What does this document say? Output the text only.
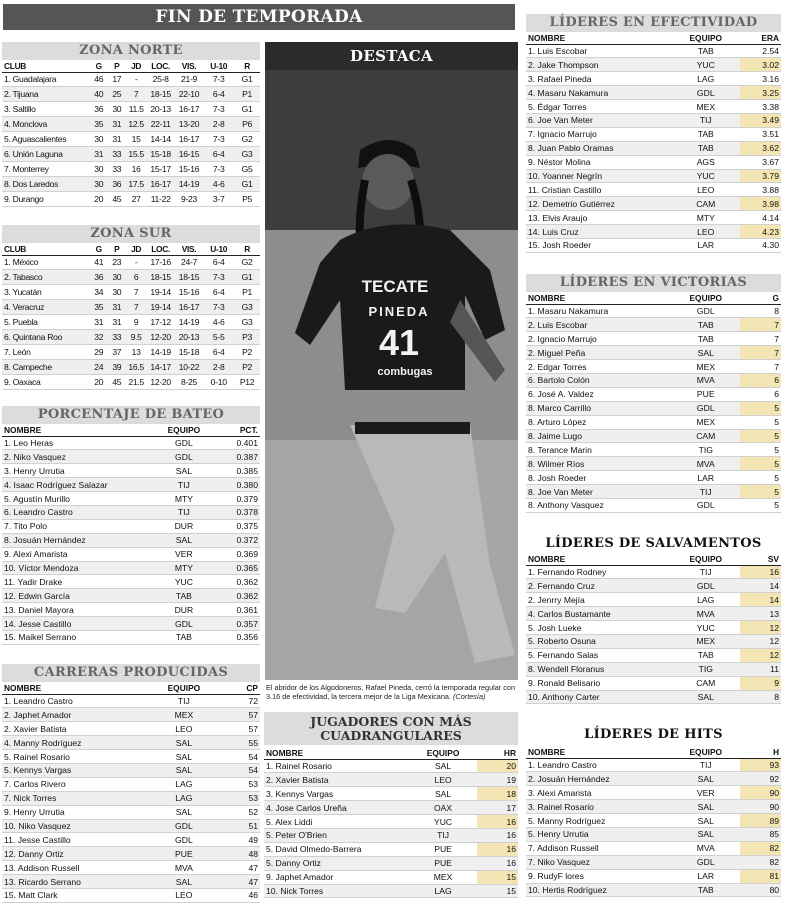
FIN DE TEMPORADA
ZONA NORTE
CLUB	G	P	JD	LOC.	VIS.	U-10	R
1. Guadalajara	46	17	-	25-8	21-9	7-3	G1
2. Tijuana	40	25	7	18-15	22-10	6-4	P1
3. Saltillo	36	30	11.5	20-13	16-17	7-3	G1
4. Monclova	35	31	12.5	22-11	13-20	2-8	P6
5. Aguascalientes	30	31	15	14-14	16-17	7-3	G2
6. Unión Laguna	31	33	15.5	15-18	16-15	6-4	G3
7. Monterrey	30	33	16	15-17	15-16	7-3	G5
8. Dos Laredos	30	36	17.5	16-17	14-19	4-6	G1
9. Durango	20	45	27	11-22	9-23	3-7	P5
ZONA SUR
CLUB	G	P	JD	LOC.	VIS.	U-10	R
1. México	41	23	-	17-16	24-7	6-4	G2
2. Tabasco	36	30	6	18-15	18-15	7-3	G1
3. Yucatán	34	30	7	19-14	15-16	6-4	P1
4. Veracruz	35	31	7	19-14	16-17	7-3	G3
5. Puebla	31	31	9	17-12	14-19	4-6	G3
6. Quintana Roo	32	33	9.5	12-20	20-13	5-5	P3
7. León	29	37	13	14-19	15-18	6-4	P2
8. Campeche	24	39	16.5	14-17	10-22	2-8	P2
9. Oaxaca	20	45	21.5	12-20	8-25	0-10	P12
PORCENTAJE DE BATEO
NOMBRE	EQUIPO	PCT.
1. Leo Heras	GDL	0.401
2. Niko Vasquez	GDL	0.387
3. Henry Urrutia	SAL	0.385
4. Isaac Rodríguez Salazar	TIJ	0.380
5. Agustín Murillo	MTY	0.379
6. Leandro Castro	TIJ	0.378
7. Tito Polo	DUR	0.375
8. Josuán Hernández	SAL	0.372
9. Alexi Amarista	VER	0.369
10. Víctor Mendoza	MTY	0.365
11. Yadir Drake	YUC	0.362
12. Edwin García	TAB	0.362
13. Daniel Mayora	DUR	0.361
14. Jesse Castillo	GDL	0.357
15. Maikel Serrano	TAB	0.356
CARRERAS PRODUCIDAS
NOMBRE	EQUIPO	CP
1. Leandro Castro	TIJ	72
2. Japhet Amador	MEX	57
2. Xavier Batista	LEO	57
4. Manny Rodríguez	SAL	55
5. Rainel Rosario	SAL	54
5. Kennys Vargas	SAL	54
7. Carlos Rivero	LAG	53
7. Nick Torres	LAG	53
9. Henry Urrutia	SAL	52
10. Niko Vasquez	GDL	51
11. Jesse Castillo	GDL	49
12. Danny Ortiz	PUE	48
13. Addison Russell	MVA	47
13. Ricardo Serrano	SAL	47
15. Matt Clark	LEO	46
DESTACA
TECATE
PINEDA
41
combugas
El abridor de los Algodoneros, Rafael Pineda, cerró la temporada regular con 3.16 de efectividad, la tercera mejor de la Liga Mexicana. (Cortesía)
JUGADORES CON MÁS
CUADRANGULARES
NOMBRE	EQUIPO	HR
1. Rainel Rosario	SAL	20
2. Xavier Batista	LEO	19
3. Kennys Vargas	SAL	18
4. Jose Carlos Ureña	OAX	17
5. Alex Liddi	YUC	16
5. Peter O'Brien	TIJ	16
5. David Olmedo-Barrera	PUE	16
5. Danny Ortiz	PUE	16
9. Japhet Amador	MEX	15
10. Nick Torres	LAG	15
LÍDERES EN EFECTIVIDAD
NOMBRE	EQUIPO	ERA
1. Luis Escobar	TAB	2.54
2. Jake Thompson	YUC	3.02
3. Rafael Pineda	LAG	3.16
4. Masaru Nakamura	GDL	3.25
5. Édgar Torres	MEX	3.38
6. Joe Van Meter	TIJ	3.49
7. Ignacio Marrujo	TAB	3.51
8. Juan Pablo Oramas	TAB	3.62
9. Néstor Molina	AGS	3.67
10. Yoanner Negrín	YUC	3.79
11. Cristian Castillo	LEO	3.88
12. Demetrio Gutiérrez	CAM	3.98
13. Elvis Araujo	MTY	4.14
14. Luis Cruz	LEO	4.23
15. Josh Roeder	LAR	4.30
LÍDERES EN VICTORIAS
NOMBRE	EQUIPO	G
1. Masaru Nakamura	GDL	8
2. Luis Escobar	TAB	7
2. Ignacio Marrujo	TAB	7
2. Miguel Peña	SAL	7
2. Edgar Torres	MEX	7
6. Bartolo Colón	MVA	6
6. José A. Valdez	PUE	6
8. Marco Carrillo	GDL	5
8. Arturo López	MEX	5
8. Jaime Lugo	CAM	5
8. Terance Marin	TIG	5
8. Wilmer Ríos	MVA	5
8. Josh Roeder	LAR	5
8. Joe Van Meter	TIJ	5
8. Anthony Vasquez	GDL	5
LÍDERES DE SALVAMENTOS
NOMBRE	EQUIPO	SV
1. Fernando Rodney	TIJ	16
2. Fernando Cruz	GDL	14
2. Jenrry Mejía	LAG	14
4. Carlos Bustamante	MVA	13
5. Josh Lueke	YUC	12
5. Roberto Osuna	MEX	12
5. Fernando Salas	TAB	12
8. Wendell Floranus	TIG	11
9. Ronald Belisario	CAM	9
10. Anthony Carter	SAL	8
LÍDERES DE HITS
NOMBRE	EQUIPO	H
1. Leandro Castro	TIJ	93
2. Josuán Hernández	SAL	92
3. Alexi Amarista	VER	90
3. Rainel Rosario	SAL	90
5. Manny Rodríguez	SAL	89
5. Henry Urrutia	SAL	85
7. Addison Russell	MVA	82
7. Niko Vasquez	GDL	82
9. RudyF lores	LAR	81
10. Hertis Rodríguez	TAB	80
